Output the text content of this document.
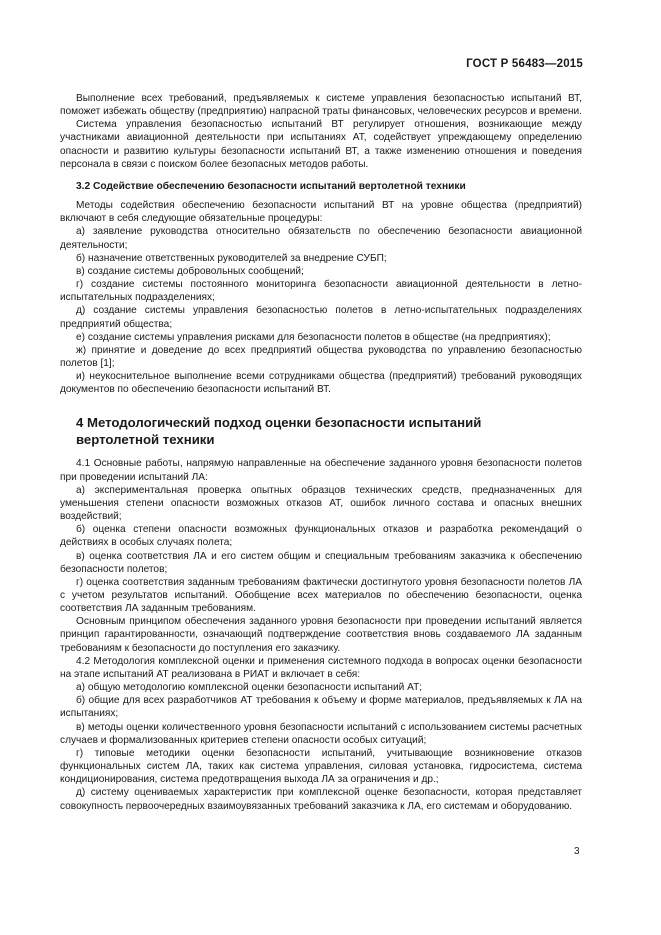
ГОСТ Р 56483—2015

Выполнение всех требований, предъявляемых к системе управления безопасностью испытаний ВТ, поможет избежать обществу (предприятию) напрасной траты финансовых, человеческих ресурсов и времени.

Система управления безопасностью испытаний ВТ регулирует отношения, возникающие между участниками авиационной деятельности при испытаниях АТ, содействует упреждающему определению опасности и развитию культуры безопасности испытаний ВТ, а также изменению отношения и поведения персонала в связи с поиском более безопасных методов работы.

3.2 Содействие обеспечению безопасности испытаний вертолетной техники

Методы содействия обеспечению безопасности испытаний ВТ на уровне общества (предприятий) включают в себя следующие обязательные процедуры:

а) заявление руководства относительно обязательств по обеспечению безопасности авиационной деятельности;

б) назначение ответственных руководителей за внедрение СУБП;

в) создание системы добровольных сообщений;

г) создание системы постоянного мониторинга безопасности авиационной деятельности в летно-испытательных подразделениях;

д) создание системы управления безопасностью полетов в летно-испытательных подразделениях предприятий общества;

е) создание системы управления рисками для безопасности полетов в обществе (на предприятиях);

ж) принятие и доведение до всех предприятий общества руководства по управлению безопасностью полетов [1];

и) неукоснительное выполнение всеми сотрудниками общества (предприятий) требований руководящих документов по обеспечению безопасности испытаний ВТ.

4 Методологический подход оценки безопасности испытаний вертолетной техники

4.1 Основные работы, напрямую направленные на обеспечение заданного уровня безопасности полетов при проведении испытаний ЛА:

а) экспериментальная проверка опытных образцов технических средств, предназначенных для уменьшения степени опасности возможных отказов АТ, ошибок личного состава и опасных внешних воздействий;

б) оценка степени опасности возможных функциональных отказов и разработка рекомендаций о действиях в особых случаях полета;

в) оценка соответствия ЛА и его систем общим и специальным требованиям заказчика к обеспечению безопасности полетов;

г) оценка соответствия заданным требованиям фактически достигнутого уровня безопасности полетов ЛА с учетом результатов испытаний. Обобщение всех материалов по обеспечению безопасности, оценка соответствия ЛА заданным требованиям.

Основным принципом обеспечения заданного уровня безопасности при проведении испытаний является принцип гарантированности, означающий подтверждение соответствия вновь создаваемого ЛА заданным требованиям к безопасности до поступления его заказчику.

4.2 Методология комплексной оценки и применения системного подхода в вопросах оценки безопасности на этапе испытаний АТ реализована в РИАТ и включает в себя:

а) общую методологию комплексной оценки безопасности испытаний АТ;

б) общие для всех разработчиков АТ требования к объему и форме материалов, предъявляемых к ЛА на испытаниях;

в) методы оценки количественного уровня безопасности испытаний с использованием системы расчетных случаев и формализованных критериев степени опасности особых ситуаций;

г) типовые методики оценки безопасности испытаний, учитывающие возникновение отказов функциональных систем ЛА, таких как система управления, силовая установка, гидросистема, система кондиционирования, система предотвращения выхода ЛА за ограничения и др.;

д) систему оцениваемых характеристик при комплексной оценке безопасности, которая представляет совокупность первоочередных взаимоувязанных требований заказчика к ЛА, его системам и оборудованию.

3
